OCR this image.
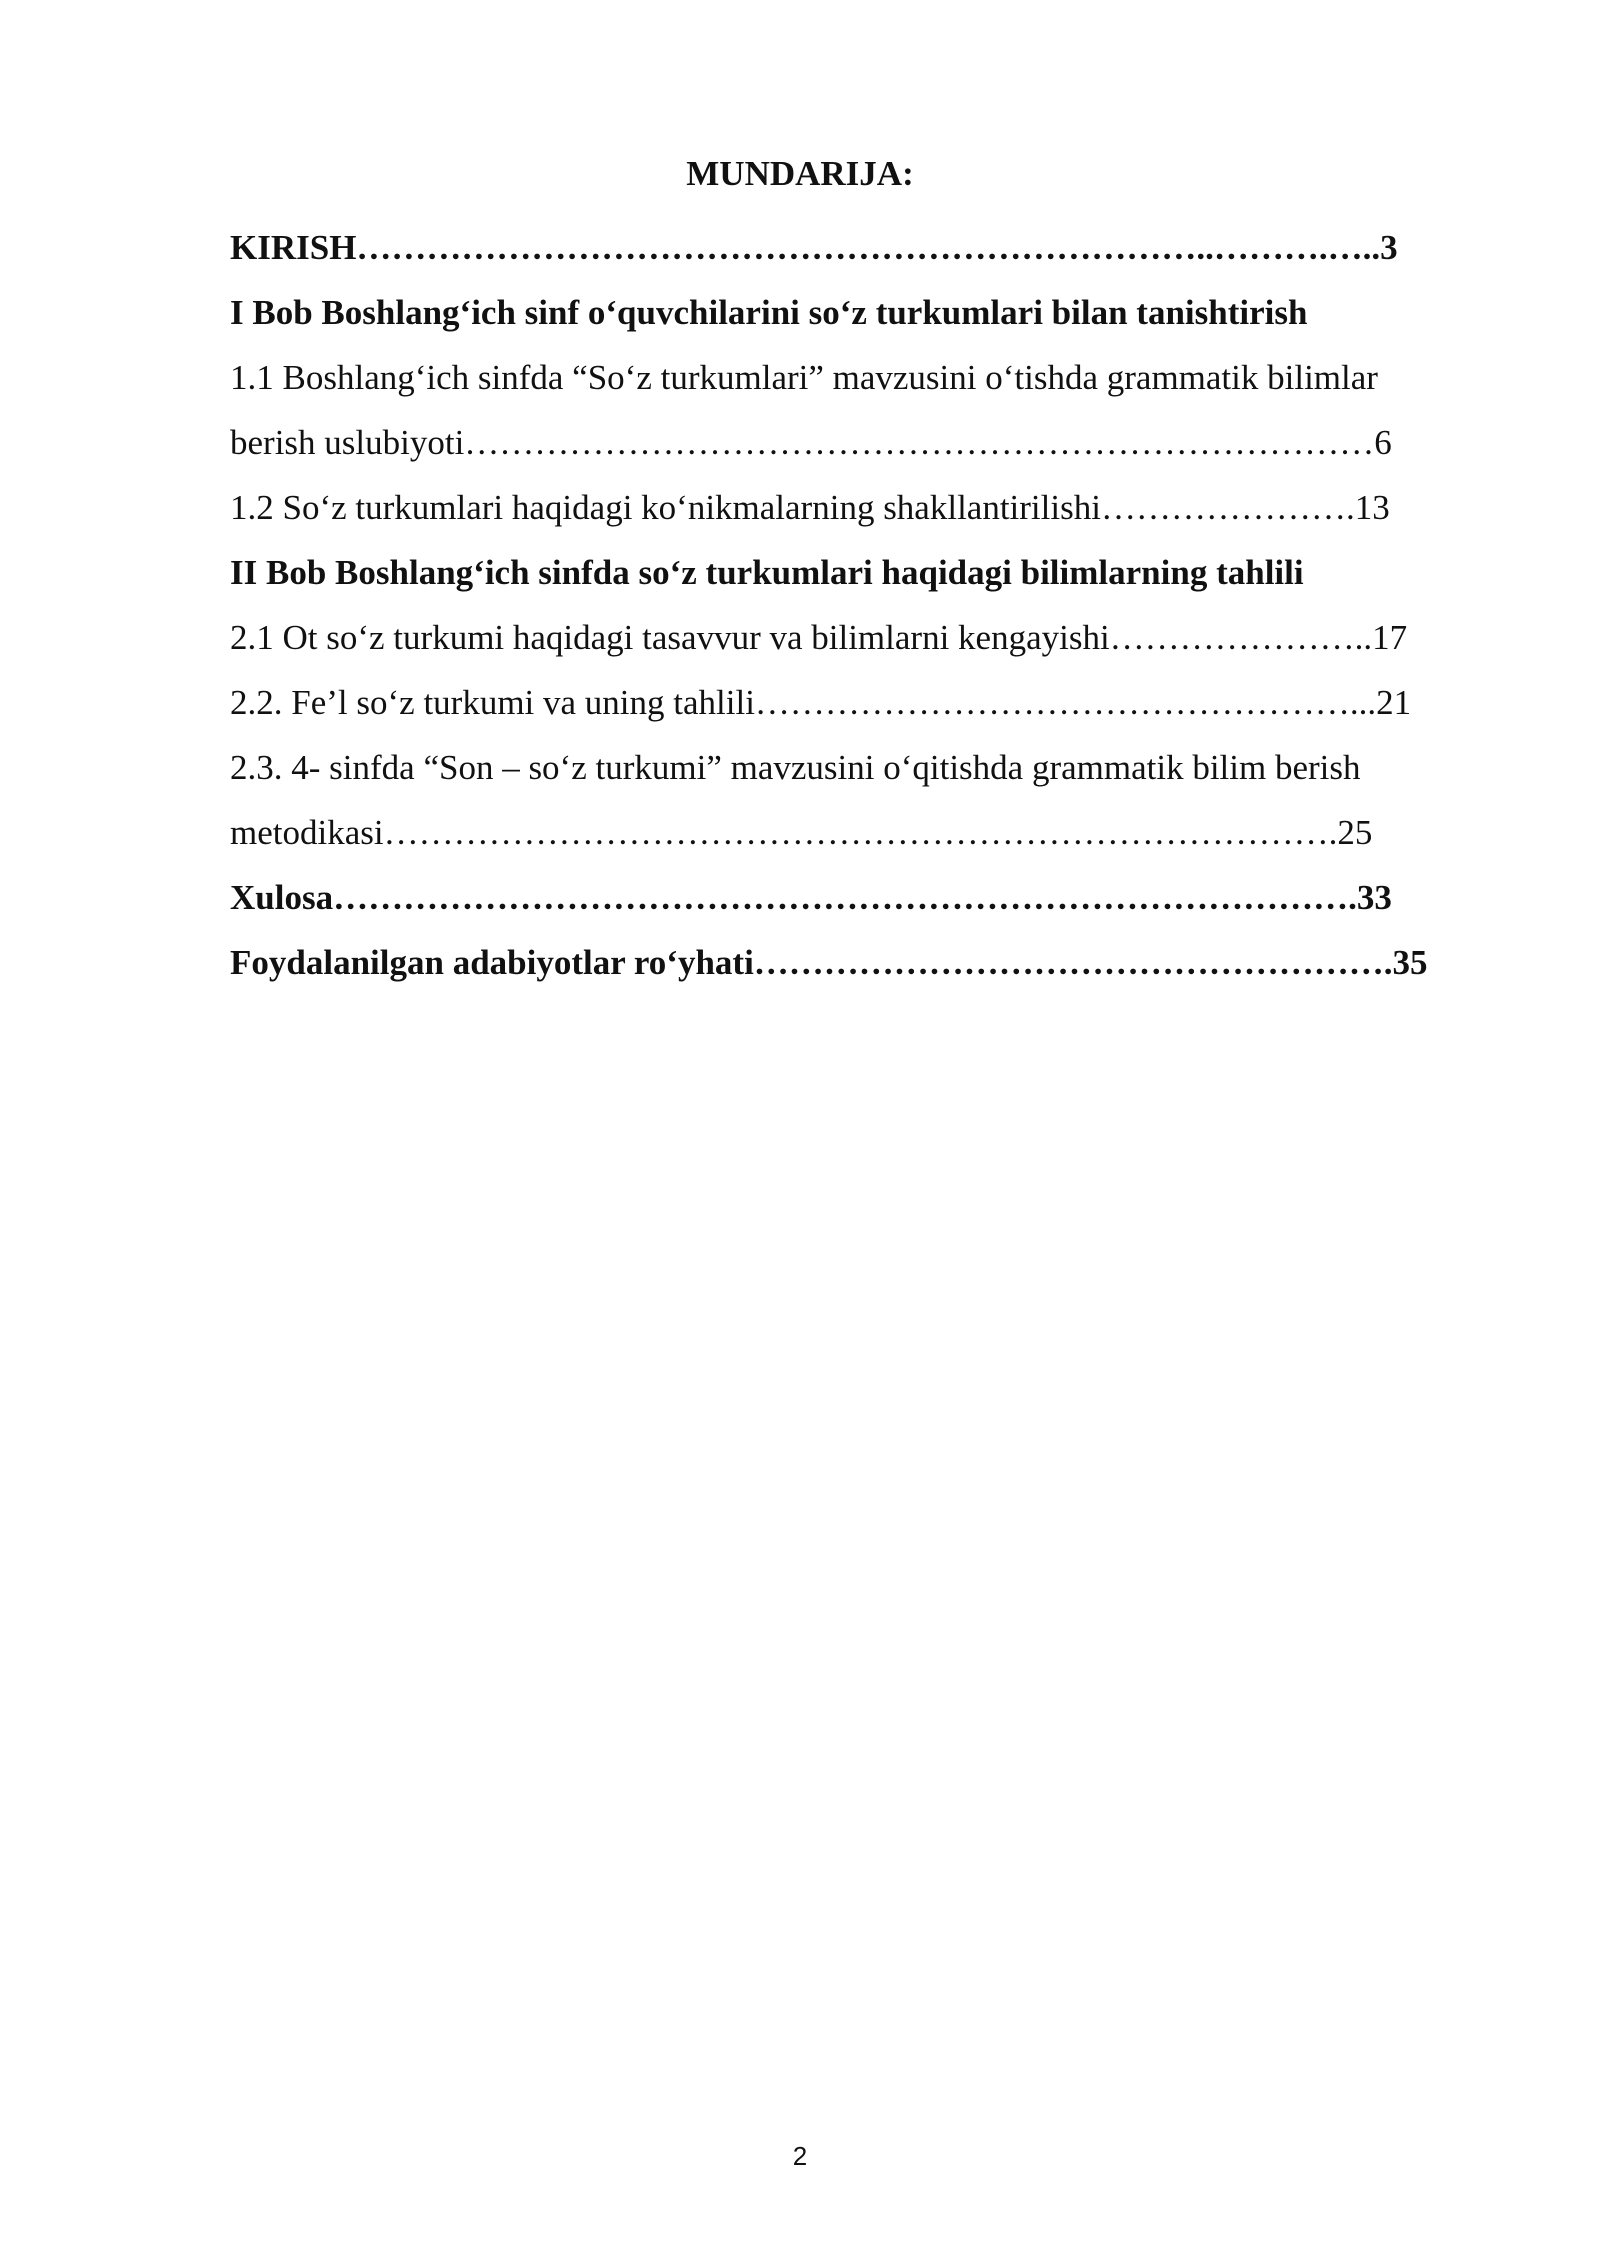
MUNDARIJA:
KIRISH………………………………………………………………..……….…..3
I Bob Boshlang‘ich sinf o‘quvchilarini so‘z turkumlari bilan tanishtirish
1.1 Boshlang‘ich sinfda “So‘z turkumlari” mavzusini o‘tishda grammatik bilimlar
berish uslubiyoti……………………………………………………………………6
1.2 So‘z turkumlari haqidagi ko‘nikmalarning shakllantirilishi………………….13
II Bob Boshlang‘ich sinfda so‘z turkumlari haqidagi bilimlarning tahlili
2.1 Ot so‘z turkumi haqidagi tasavvur va bilimlarni kengayishi…………………..17
2.2. Fe’l so‘z turkumi va uning tahlili……………………………………………...21
2.3. 4- sinfda “Son – so‘z turkumi” mavzusini o‘qitishda grammatik bilim berish
metodikasi……………………………………………………………………….25
Xulosa…………………………………………………………………………….33
Foydalanilgan adabiyotlar ro‘yhati……………………………………………….35
2
